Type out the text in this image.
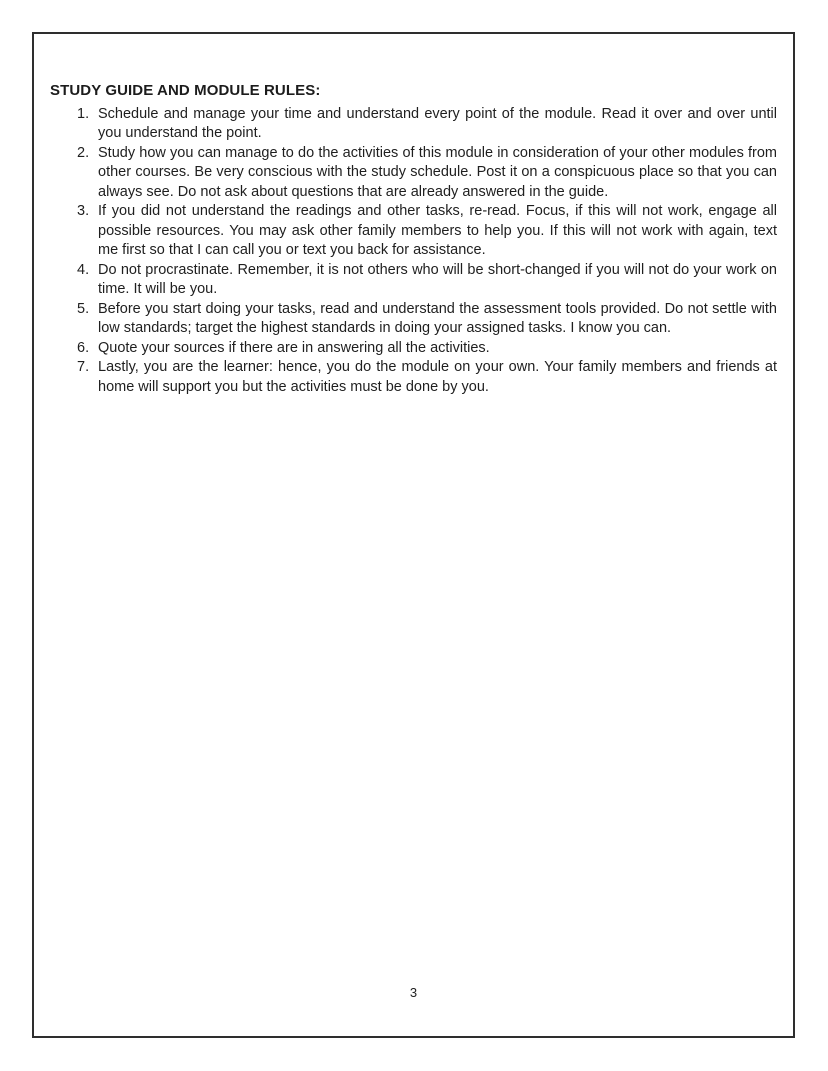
STUDY GUIDE AND MODULE RULES:
1. Schedule and manage your time and understand every point of the module. Read it over and over until you understand the point.
2. Study how you can manage to do the activities of this module in consideration of your other modules from other courses. Be very conscious with the study schedule. Post it on a conspicuous place so that you can always see. Do not ask about questions that are already answered in the guide.
3. If you did not understand the readings and other tasks, re-read. Focus, if this will not work, engage all possible resources. You may ask other family members to help you. If this will not work with again, text me first so that I can call you or text you back for assistance.
4. Do not procrastinate. Remember, it is not others who will be short-changed if you will not do your work on time. It will be you.
5. Before you start doing your tasks, read and understand the assessment tools provided. Do not settle with low standards; target the highest standards in doing your assigned tasks. I know you can.
6. Quote your sources if there are in answering all the activities.
7. Lastly, you are the learner: hence, you do the module on your own. Your family members and friends at home will support you but the activities must be done by you.
3
